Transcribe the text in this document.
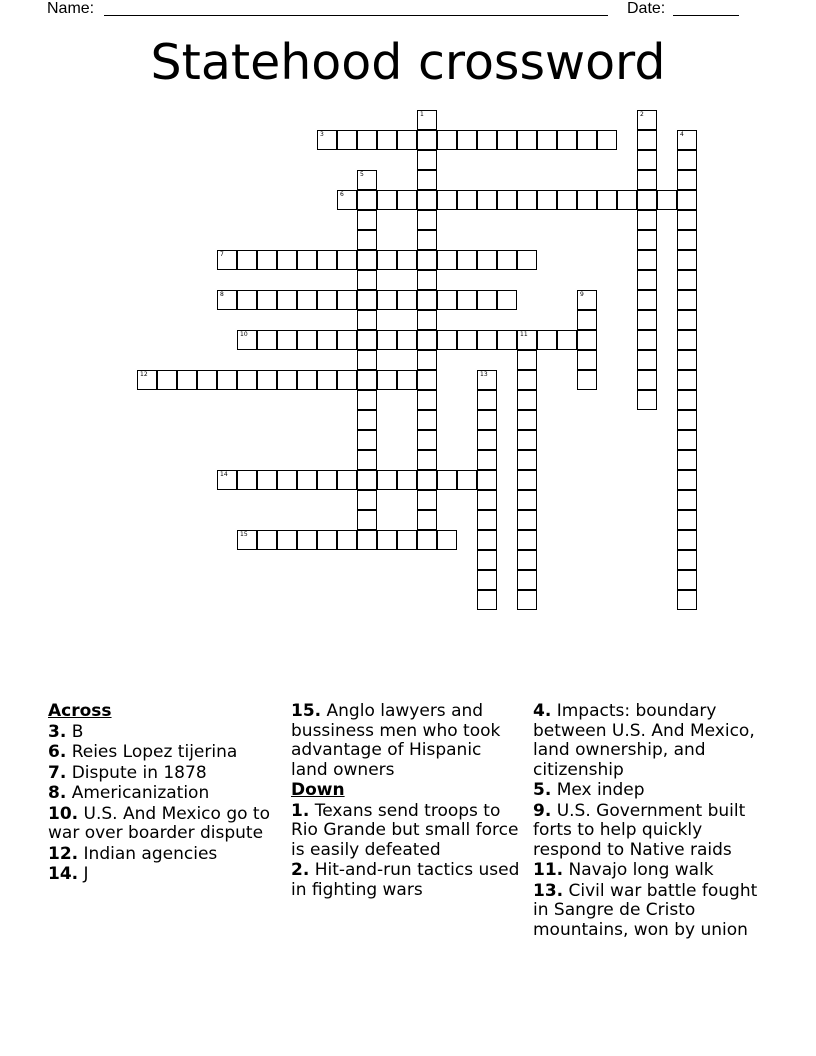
Name:	Date:
Statehood crossword
1	2
3	4
5
6
7
8	9
10	11
12	13
14
15
Across
3. B
6. Reies Lopez tijerina
7. Dispute in 1878
8. Americanization
10. U.S. And Mexico go to war over boarder dispute
12. Indian agencies
14. J
15. Anglo lawyers and bussiness men who took advantage of Hispanic land owners
Down
1. Texans send troops to Rio Grande but small force is easily defeated
2. Hit-and-run tactics used in fighting wars
4. Impacts: boundary between U.S. And Mexico, land ownership, and citizenship
5. Mex indep
9. U.S. Government built forts to help quickly respond to Native raids
11. Navajo long walk
13. Civil war battle fought in Sangre de Cristo mountains, won by union
